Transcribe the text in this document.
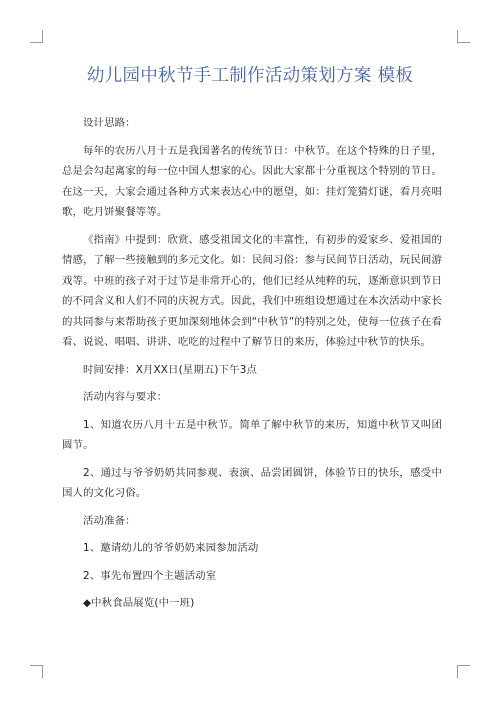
幼儿园中秋节手工制作活动策划方案 模板

设计思路：

每年的农历八月十五是我国著名的传统节日：中秋节。在这个特殊的日子里，总是会勾起离家的每一位中国人想家的心。因此大家都十分重视这个特别的节日。在这一天，大家会通过各种方式来表达心中的愿望，如：挂灯笼猜灯谜，看月亮唱歌，吃月饼聚餐等等。

《指南》中提到：欣赏、感受祖国文化的丰富性，有初步的爱家乡、爱祖国的情感，了解一些接触到的多元文化。如：民间习俗：参与民间节日活动，玩民间游戏等。中班的孩子对于过节是非常开心的，他们已经从纯粹的玩，逐渐意识到节日的不同含义和人们不同的庆祝方式。因此，我们中班组设想通过在本次活动中家长的共同参与来帮助孩子更加深刻地体会到“中秋节”的特别之处，使每一位孩子在看看、说说、唱唱、讲讲、吃吃的过程中了解节日的来历，体验过中秋节的快乐。

时间安排：X月XX日(星期五)下午3点

活动内容与要求：

1、知道农历八月十五是中秋节。简单了解中秋节的来历，知道中秋节又叫团圆节。

2、通过与爷爷奶奶共同参观、表演、品尝团圆饼，体验节日的快乐，感受中国人的文化习俗。

活动准备：

1、邀请幼儿的爷爷奶奶来园参加活动

2、事先布置四个主题活动室

◆中秋食品展览(中一班)
